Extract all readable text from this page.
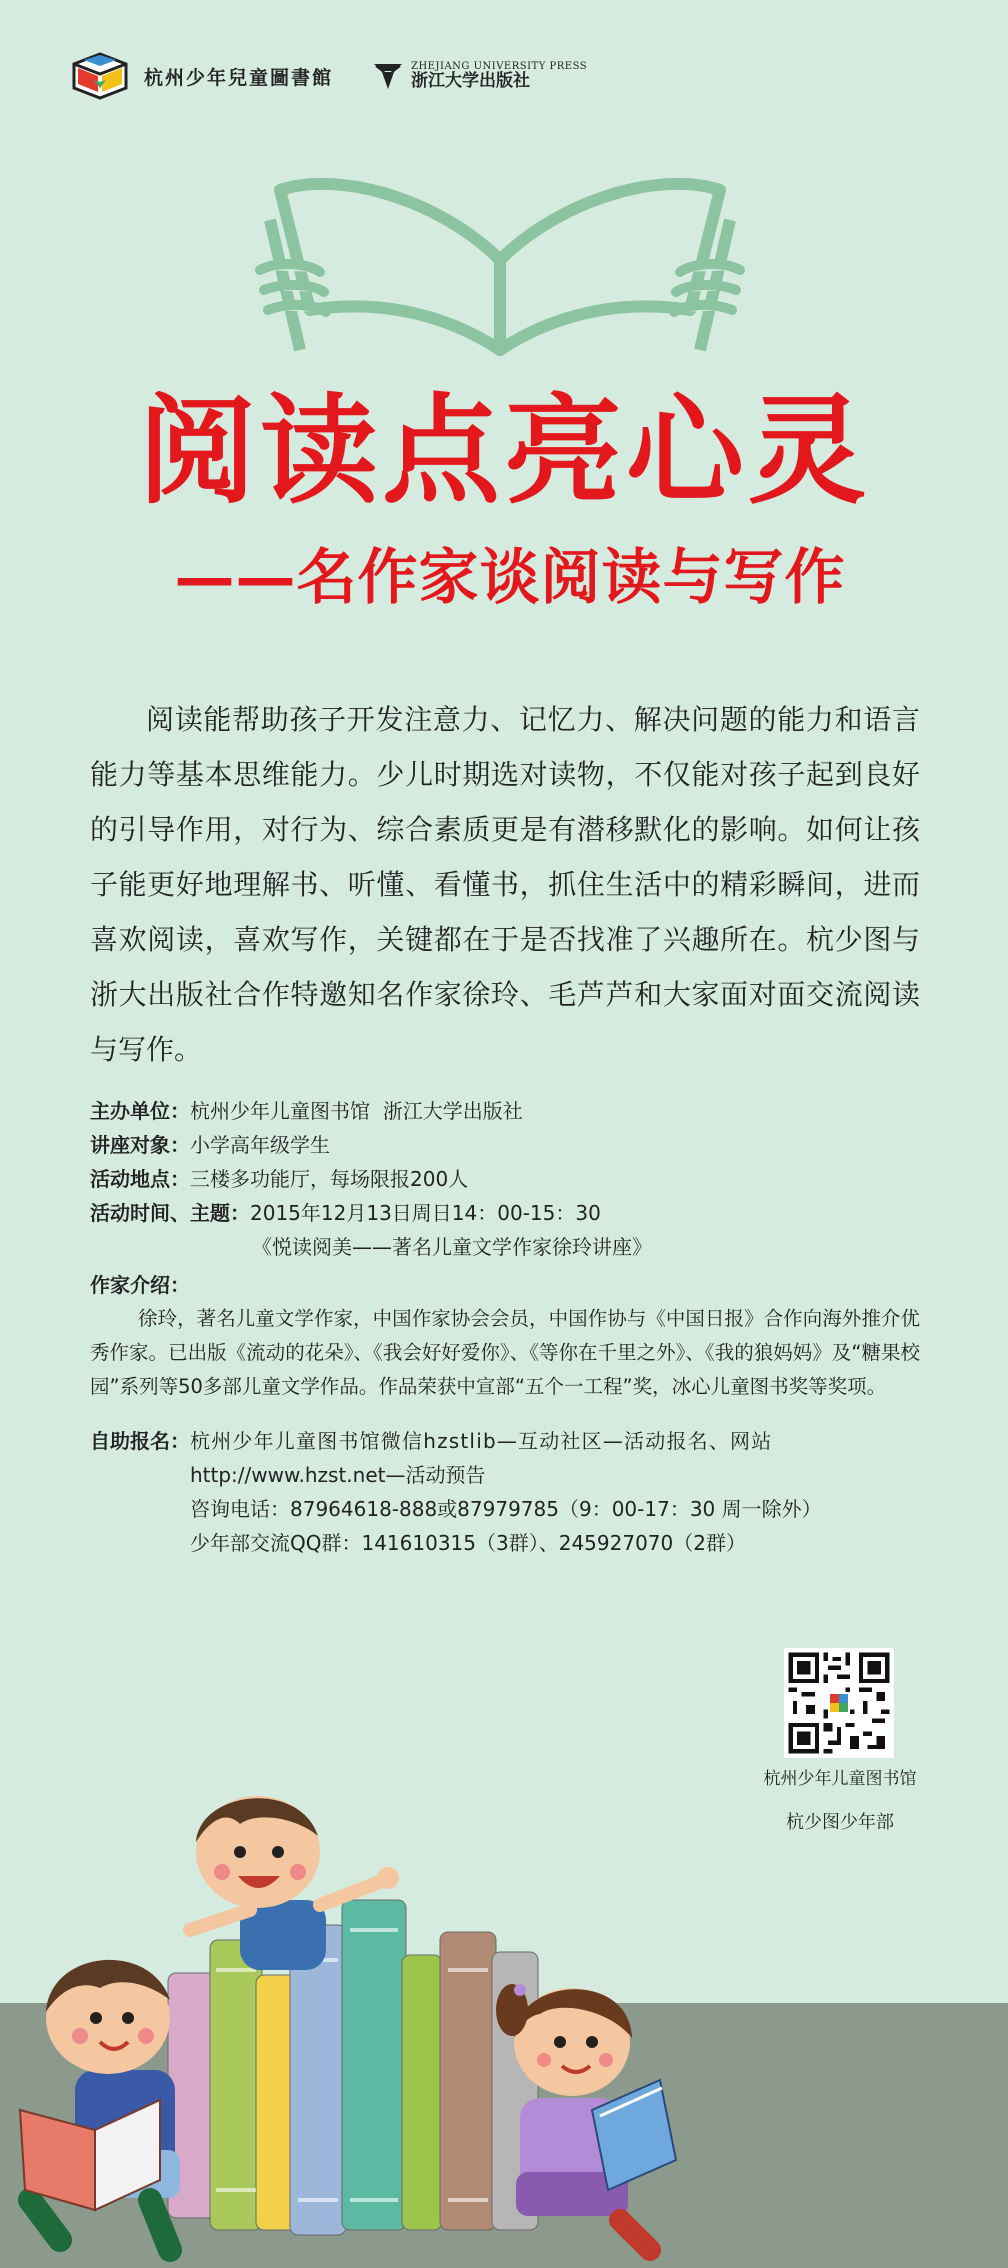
杭州少年兒童圖書館	ZHEJIANG UNIVERSITY PRESS
浙江大学出版社
阅读点亮心灵
——名作家谈阅读与写作
阅读能帮助孩子开发注意力、记忆力、解决问题的能力和语言能力等基本思维能力。少儿时期选对读物，不仅能对孩子起到良好的引导作用，对行为、综合素质更是有潜移默化的影响。如何让孩子能更好地理解书、听懂、看懂书，抓住生活中的精彩瞬间，进而喜欢阅读，喜欢写作，关键都在于是否找准了兴趣所在。杭少图与浙大出版社合作特邀知名作家徐玲、毛芦芦和大家面对面交流阅读与写作。
主办单位： 杭州少年儿童图书馆  浙江大学出版社
讲座对象： 小学高年级学生
活动地点： 三楼多功能厅，每场限报200人
活动时间、主题： 2015年12月13日周日14：00-15：30
《悦读阅美——著名儿童文学作家徐玲讲座》
作家介绍：
徐玲，著名儿童文学作家，中国作家协会会员，中国作协与《中国日报》合作向海外推介优秀作家。已出版《流动的花朵》、《我会好好爱你》、《等你在千里之外》、《我的狼妈妈》及“糖果校园”系列等50多部儿童文学作品。作品荣获中宣部“五个一工程”奖，冰心儿童图书奖等奖项。
自助报名： 杭州少年儿童图书馆微信hzstlib—互动社区—活动报名、网站
http://www.hzst.net—活动预告
咨询电话：87964618-888或87979785（9：00-17：30 周一除外）
少年部交流QQ群：141610315（3群）、245927070（2群）
杭州少年儿童图书馆
杭少图少年部
